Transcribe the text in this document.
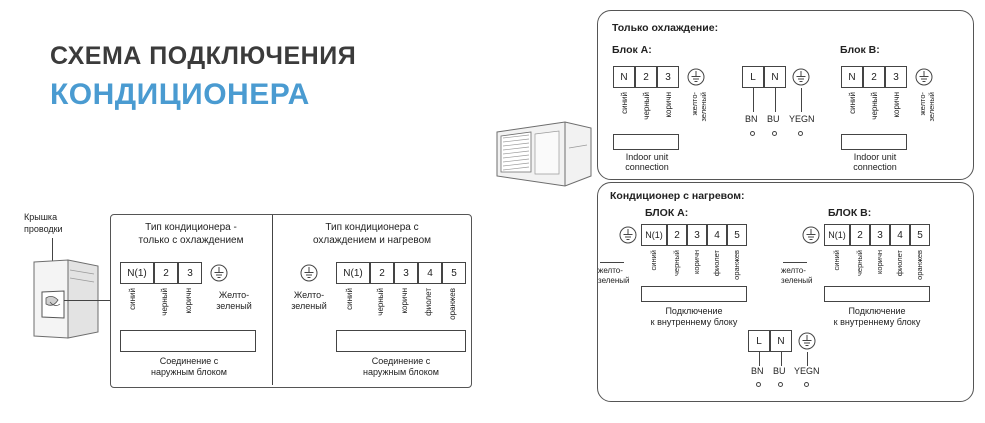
СХЕМА ПОДКЛЮЧЕНИЯ
КОНДИЦИОНЕРА
Крышка
проводки	Тип кондиционера -
только с охлаждением
N(1)	2	3
синий	черный коричн	Желто-
зеленый
Соединение с
наружным блоком
Тип кондиционера с
охлаждением и нагревом
Желто-
зеленый
N(1)	2	3	4	5
синий	черный коричн фиолет оранжев
Соединение с
наружным блоком
Только охлаждение:
Блок A:
N	2	3
синий черный коричн желто- зеленый
Indoor unit
connection
L	N
BN BU YEGN
Блок B:
N	2	3
синий черный коричн желто- зеленый
Indoor unit
connection
Кондиционер с нагревом:
БЛОК A:
желто-
зеленый
N(1)	2	3	4	5
синий черный коричн фиолет оранжев
Подключение
к внутреннему блоку
БЛОК B:
желто-
зеленый
N(1)	2	3	4	5
синий черный коричн фиолет оранжев
Подключение
к внутреннему блоку
L	N
BN BU YEGN
